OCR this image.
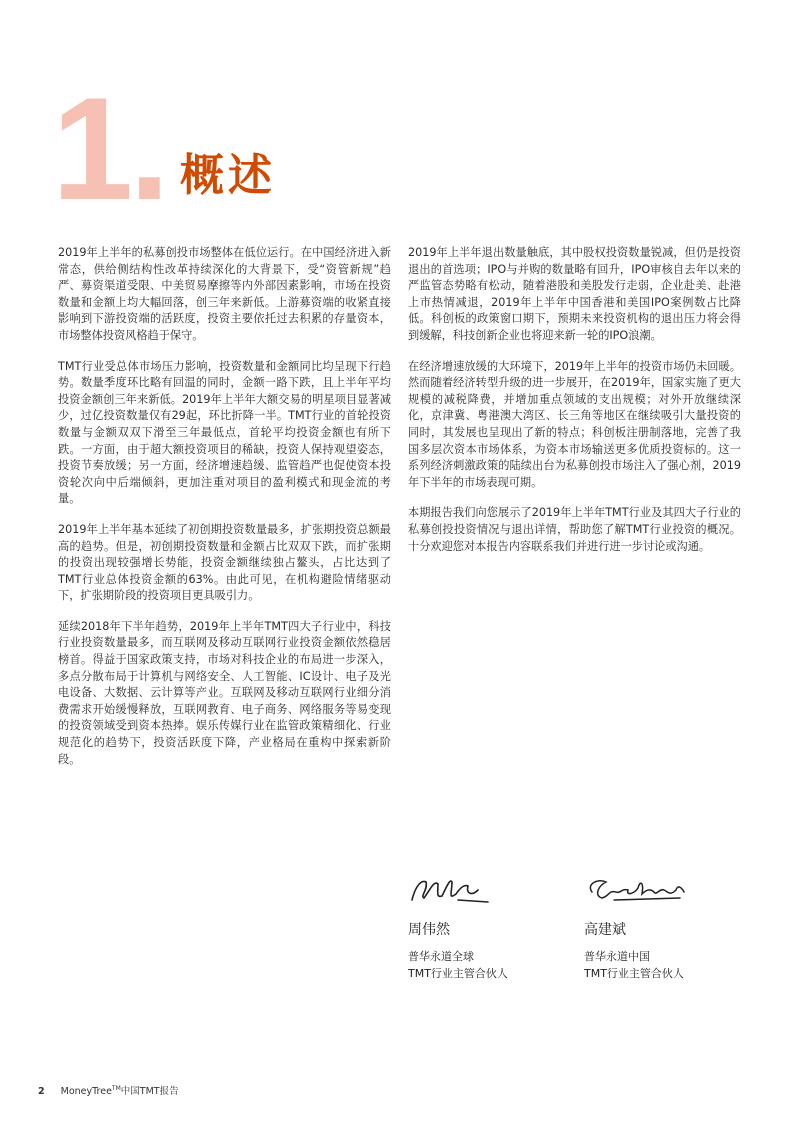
1. 概述

2019年上半年的私募创投市场整体在低位运行。在中国经济进入新常态，供给侧结构性改革持续深化的大背景下，受“资管新规”趋严、募资渠道受限、中美贸易摩擦等内外部因素影响，市场在投资数量和金额上均大幅回落，创三年来新低。上游募资端的收紧直接影响到下游投资端的活跃度，投资主要依托过去积累的存量资本，市场整体投资风格趋于保守。

TMT行业受总体市场压力影响，投资数量和金额同比均呈现下行趋势。数量季度环比略有回温的同时，金额一路下跌，且上半年平均投资金额创三年来新低。2019年上半年大额交易的明星项目显著减少，过亿投资数量仅有29起，环比折降一半。TMT行业的首轮投资数量与金额双双下滑至三年最低点，首轮平均投资金额也有所下跌。一方面，由于超大额投资项目的稀缺，投资人保持观望姿态，投资节奏放缓；另一方面，经济增速趋缓、监管趋严也促使资本投资轮次向中后端倾斜，更加注重对项目的盈利模式和现金流的考量。

2019年上半年基本延续了初创期投资数量最多，扩张期投资总额最高的趋势。但是，初创期投资数量和金额占比双双下跌，而扩张期的投资出现较强增长势能，投资金额继续独占鳌头，占比达到了TMT行业总体投资金额的63%。由此可见，在机构避险情绪驱动下，扩张期阶段的投资项目更具吸引力。

延续2018年下半年趋势，2019年上半年TMT四大子行业中，科技行业投资数量最多，而互联网及移动互联网行业投资金额依然稳居榜首。得益于国家政策支持，市场对科技企业的布局进一步深入，多点分散布局于计算机与网络安全、人工智能、IC设计、电子及光电设备、大数据、云计算等产业。互联网及移动互联网行业细分消费需求开始缓慢释放，互联网教育、电子商务、网络服务等易变现的投资领域受到资本热捧。娱乐传媒行业在监管政策精细化、行业规范化的趋势下，投资活跃度下降，产业格局在重构中探索新阶段。

2019年上半年退出数量触底，其中股权投资数量锐减，但仍是投资退出的首选项；IPO与并购的数量略有回升，IPO审核自去年以来的严监管态势略有松动，随着港股和美股发行走弱，企业赴美、赴港上市热情减退，2019年上半年中国香港和美国IPO案例数占比降低。科创板的政策窗口期下，预期未来投资机构的退出压力将会得到缓解，科技创新企业也将迎来新一轮的IPO浪潮。

在经济增速放缓的大环境下，2019年上半年的投资市场仍未回暖。然而随着经济转型升级的进一步展开，在2019年，国家实施了更大规模的减税降费，并增加重点领域的支出规模；对外开放继续深化，京津冀、粤港澳大湾区、长三角等地区在继续吸引大量投资的同时，其发展也呈现出了新的特点；科创板注册制落地，完善了我国多层次资本市场体系，为资本市场输送更多优质投资标的。这一系列经济刺激政策的陆续出台为私募创投市场注入了强心剂，2019年下半年的市场表现可期。

本期报告我们向您展示了2019年上半年TMT行业及其四大子行业的私募创投投资情况与退出详情，帮助您了解TMT行业投资的概况。十分欢迎您对本报告内容联系我们并进行进一步讨论或沟通。

周伟然
普华永道全球
TMT行业主管合伙人
高建斌
普华永道中国
TMT行业主管合伙人
2 MoneyTree™中国TMT报告
